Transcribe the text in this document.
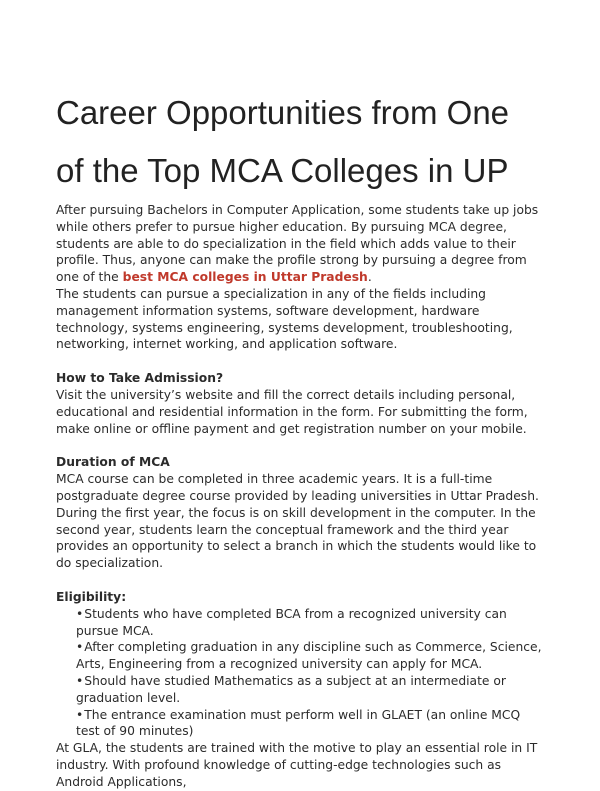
Career Opportunities from One
of the Top MCA Colleges in UP

After pursuing Bachelors in Computer Application, some students take up jobs while others prefer to pursue higher education. By pursuing MCA degree, students are able to do specialization in the field which adds value to their profile. Thus, anyone can make the profile strong by pursuing a degree from one of the best MCA colleges in Uttar Pradesh.

The students can pursue a specialization in any of the fields including management information systems, software development, hardware technology, systems engineering, systems development, troubleshooting, networking, internet working, and application software.

How to Take Admission?

Visit the university’s website and fill the correct details including personal, educational and residential information in the form. For submitting the form, make online or offline payment and get registration number on your mobile.

Duration of MCA

MCA course can be completed in three academic years. It is a full-time postgraduate degree course provided by leading universities in Uttar Pradesh. During the first year, the focus is on skill development in the computer. In the second year, students learn the conceptual framework and the third year provides an opportunity to select a branch in which the students would like to do specialization.

Eligibility:

•Students who have completed BCA from a recognized university can pursue MCA.
•After completing graduation in any discipline such as Commerce, Science, Arts, Engineering from a recognized university can apply for MCA.
•Should have studied Mathematics as a subject at an intermediate or graduation level.
•The entrance examination must perform well in GLAET (an online MCQ test of 90 minutes)

At GLA, the students are trained with the motive to play an essential role in IT industry. With profound knowledge of cutting-edge technologies such as Android Applications,
